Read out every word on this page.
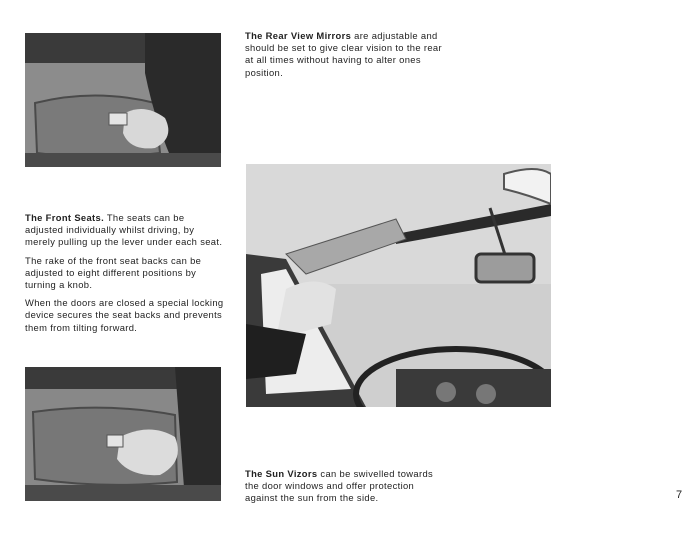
The Rear View Mirrors are adjustable and should be set to give clear vision to the rear at all times without having to alter ones position.

The Front Seats. The seats can be adjusted individually whilst driving, by merely pulling up the lever under each seat.

The rake of the front seat backs can be adjusted to eight different positions by turning a knob.

When the doors are closed a special locking device secures the seat backs and prevents them from tilting forward.

The Sun Vizors can be swivelled towards the door windows and offer protection against the sun from the side.	7
